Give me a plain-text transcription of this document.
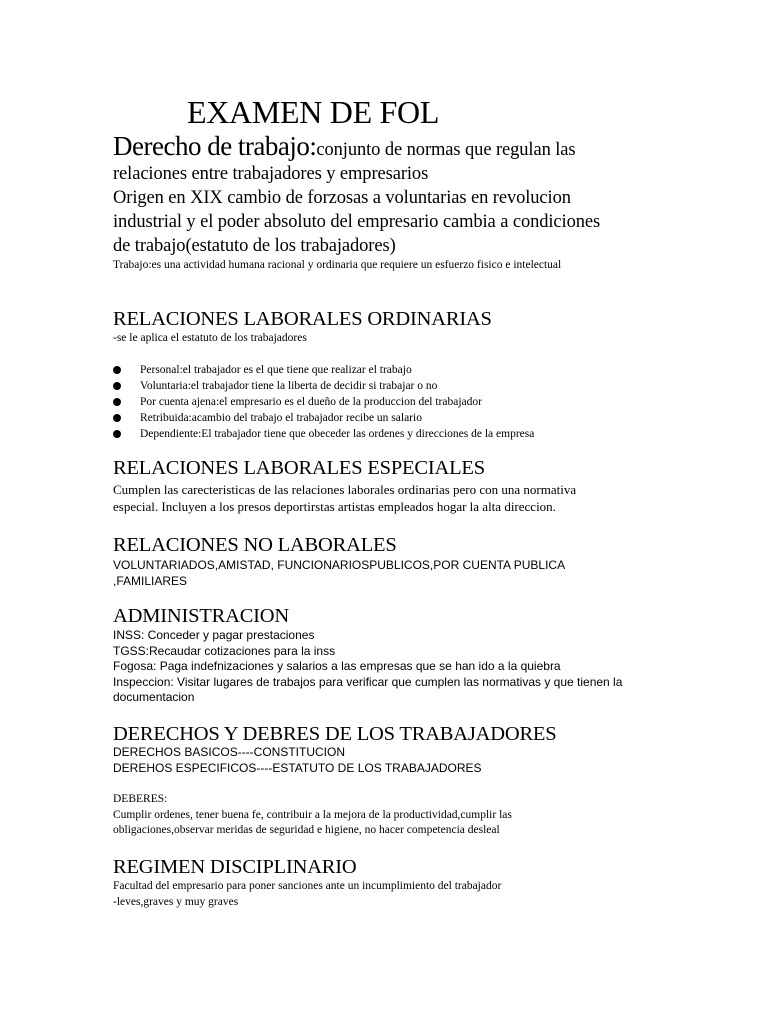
EXAMEN DE FOL
Derecho de trabajo:conjunto de normas que regulan las
relaciones entre trabajadores y empresarios
Origen en XIX cambio de forzosas a voluntarias en revolucion
industrial y el poder absoluto del empresario cambia a condiciones
de trabajo(estatuto de los trabajadores)
Trabajo:es una actividad humana racional y ordinaria que requiere un esfuerzo fisico e intelectual
RELACIONES LABORALES ORDINARIAS
-se le aplica el estatuto de los trabajadores
Personal:el trabajador es el que tiene que realizar el trabajo
Voluntaria:el trabajador tiene la liberta de decidir si trabajar o no
Por cuenta ajena:el empresario es el dueño de la produccion del trabajador
Retribuida:acambio del trabajo el trabajador recibe un salario
Dependiente:El trabajador tiene que obeceder las ordenes y direcciones de la empresa
RELACIONES LABORALES ESPECIALES
Cumplen las carecteristicas de las relaciones laborales ordinarias pero con una normativa
especial. Incluyen a los presos deportirstas artistas empleados hogar la alta direccion.
RELACIONES NO LABORALES
VOLUNTARIADOS,AMISTAD, FUNCIONARIOSPUBLICOS,POR CUENTA PUBLICA
,FAMILIARES
ADMINISTRACION
INSS: Conceder y pagar prestaciones
TGSS:Recaudar cotizaciones para la inss
Fogosa: Paga indefnizaciones y salarios a las empresas que se han ido a la quiebra
Inspeccion: Visitar lugares de trabajos para verificar que cumplen las normativas y que tienen la
documentacion
DERECHOS Y DEBRES DE LOS TRABAJADORES
DERECHOS BASICOS----CONSTITUCION
DEREHOS ESPECIFICOS----ESTATUTO DE LOS TRABAJADORES
DEBERES:
Cumplir ordenes, tener buena fe, contribuir a la mejora de la productividad,cumplir las
obligaciones,observar meridas de seguridad e higiene, no hacer competencia desleal
REGIMEN DISCIPLINARIO
Facultad del empresario para poner sanciones ante un incumplimiento del trabajador
-leves,graves y muy graves
